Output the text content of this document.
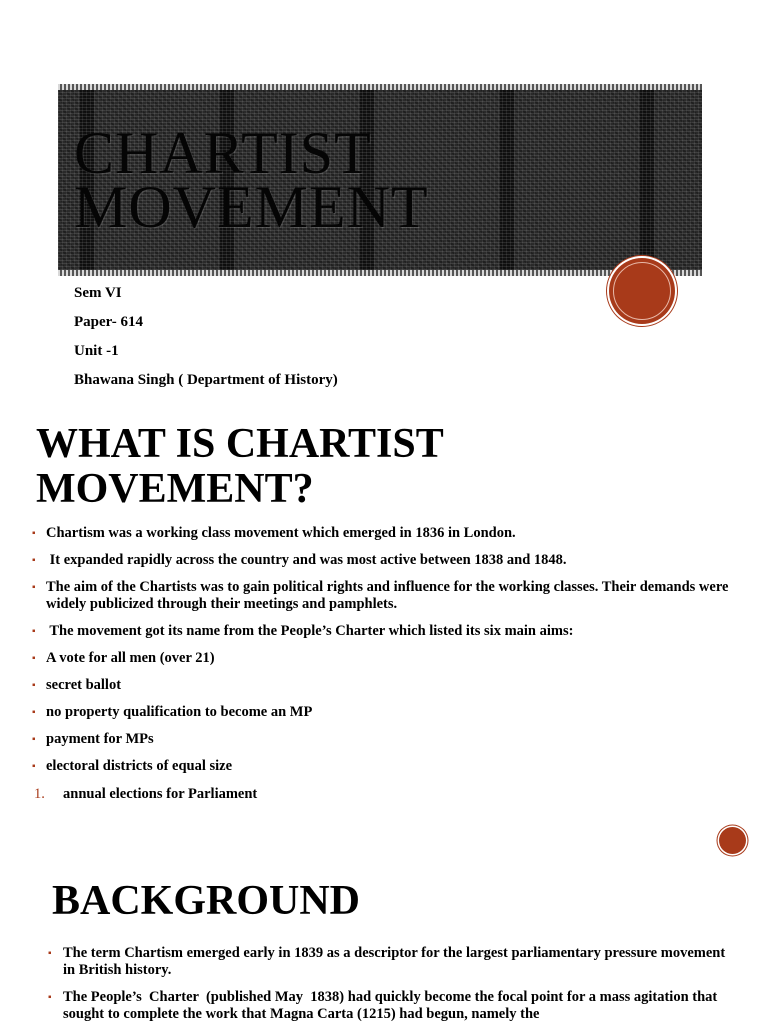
CHARTIST
MOVEMENT
Sem VI
Paper- 614
Unit -1
Bhawana Singh ( Department of History)
WHAT IS CHARTIST
MOVEMENT?
▪ Chartism was a working class movement which emerged in 1836 in London.
▪ It expanded rapidly across the country and was most active between 1838 and 1848.
▪ The aim of the Chartists was to gain political rights and influence for the working classes. Their demands were widely publicized through their meetings and pamphlets.
▪ The movement got its name from the People’s Charter which listed its six main aims:
▪ A vote for all men (over 21)
▪ secret ballot
▪ no property qualification to become an MP
▪ payment for MPs
▪ electoral districts of equal size
1. annual elections for Parliament
BACKGROUND
▪ The term Chartism emerged early in 1839 as a descriptor for the largest parliamentary pressure movement in British history.
▪ The People’s  Charter  (published May  1838) had quickly become the focal point for a mass agitation that sought to complete the work that Magna Carta (1215) had begun, namely the
